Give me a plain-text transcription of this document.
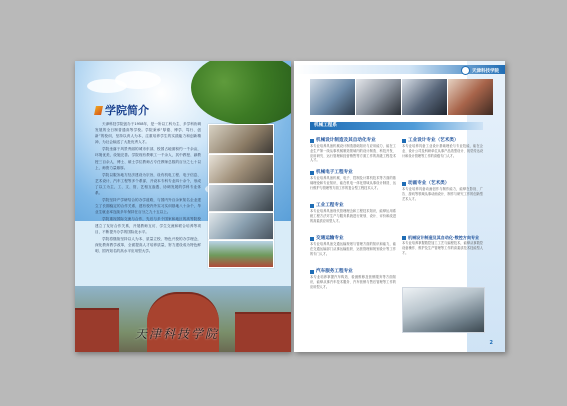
学院简介

天津科技学院创办于1958年，是一所以工科为主、多学科协调发展的全日制普通高等学校。学院秉承“厚德、博学、笃行、创新”的校训，坚持以育人为本，注重培养学生的实践能力和创新精神，为社会输送了大批优秀人才。

学院坐落于风景秀丽的城市东部，校园占地面积约一千余亩，环境优美，设施完善。学院现有教职工一千余人，其中教授、副教授三百余人，博士、硕士学位教师占专任教师总数的百分之七十以上，师资力量雄厚。

学院以服务地方经济建设为宗旨，设有机电工程、电子信息、艺术设计、汽车工程等多个系部，开设本专科专业四十余个，形成了以工为主，工、文、管、艺相互渗透、协调发展的学科专业体系。

学院坚持产学研结合的办学道路，与国内外百余家知名企业建立了长期稳定的合作关系，建有校内外实习实训基地八十余个，毕业生就业率连续多年保持在百分之九十五以上。

学院重视国际交流与合作，先后与多个国家和地区的高等院校建立了友好合作关系，开展教师互访、学生交流和联合培养等项目，不断提升办学的国际化水平。

学院将继续坚持以人为本、质量立校、特色兴校的办学理念，深化教育教学改革，全面提高人才培养质量，努力建设成为特色鲜明、国内知名的高水平应用型大学。

天津科技学院
天津科技学院
机械工程系
机械设计制造及其自动化专业
本专业培养具备机械设计制造基础知识与应用能力，能在工业生产第一线从事机械制造领域内的设计制造、科技开发、应用研究、运行管理和经营销售等方面工作的高级工程技术人才。
机械电子工程专业
本专业培养具备机械、电子、控制及计算机技术等方面的基础理论和专业知识，能在机电一体化领域从事设计制造、运行维护与管理等方面工作的复合型工程技术人才。
工业工程专业
本专业培养具备现代管理理念和工程技术知识，能够运用系统工程方法对生产与服务系统进行规划、设计、评价和改进的高素质应用型人才。
交通运输专业
本专业培养具备交通运输规划与管理方面的知识和能力，能在交通运输部门从事运输组织、运营管理和规划设计等工作的专门人才。
汽车服务工程专业
本专业培养掌握汽车构造、检测维修及营销服务等方面知识，能够从事汽车技术服务、汽车营销与售后管理等工作的应用型人才。
工业设计专业（艺术类）
本专业培养具备工业设计基础理论与专业技能，能在企业、设计公司及科研单位从事产品造型设计、视觉传达设计和设计管理等工作的高级专门人才。
动画专业（艺术类）
本专业培养具备动画创作与制作能力，能够在影视、广告、游戏等领域从事动画设计、制作与研究工作的创新型艺术人才。
机械设计制造及其自动化·数控方向专业
本专业培养掌握数控加工工艺与编程技术，能够从事数控设备操作、维护及生产管理等工作的高素质技术技能型人才。
2
